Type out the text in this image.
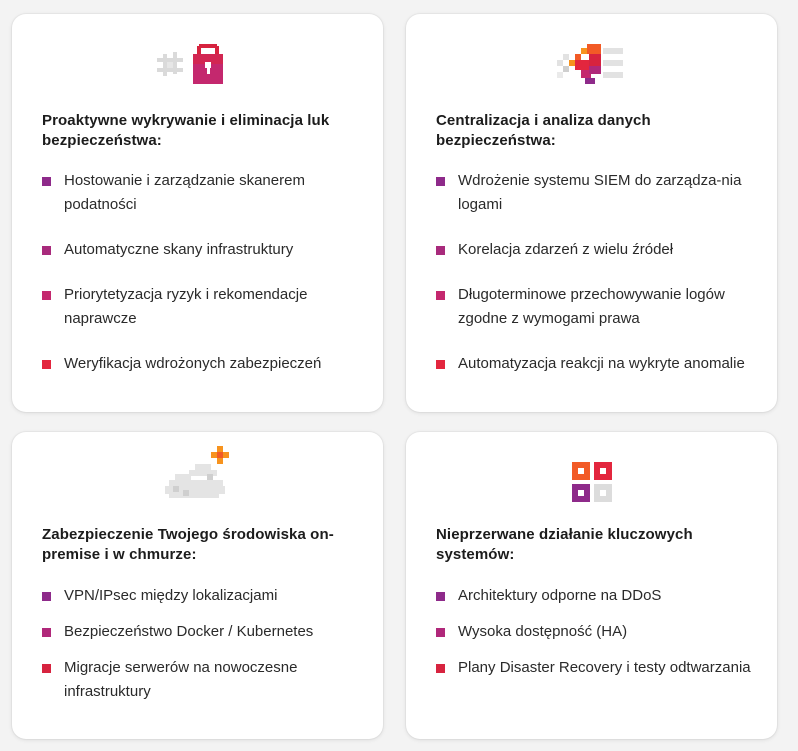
Proaktywne wykrywanie i eliminacja luk bezpieczeństwa:
Hostowanie i zarządzanie skanerem podatności
Automatyczne skany infrastruktury
Priorytetyzacja ryzyk i rekomendacje naprawcze
Weryfikacja wdrożonych zabezpieczeń
Centralizacja i analiza danych bezpieczeństwa:
Wdrożenie systemu SIEM do zarządza-nia logami
Korelacja zdarzeń z wielu źródeł
Długoterminowe przechowywanie logów zgodne z wymogami prawa
Automatyzacja reakcji na wykryte anomalie
Zabezpieczenie Twojego środowiska on-premise i w chmurze:
VPN/IPsec między lokalizacjami
Bezpieczeństwo Docker / Kubernetes
Migracje serwerów na nowoczesne infrastruktury
Nieprzerwane działanie kluczowych systemów:
Architektury odporne na DDoS
Wysoka dostępność (HA)
Plany Disaster Recovery i testy odtwarzania
